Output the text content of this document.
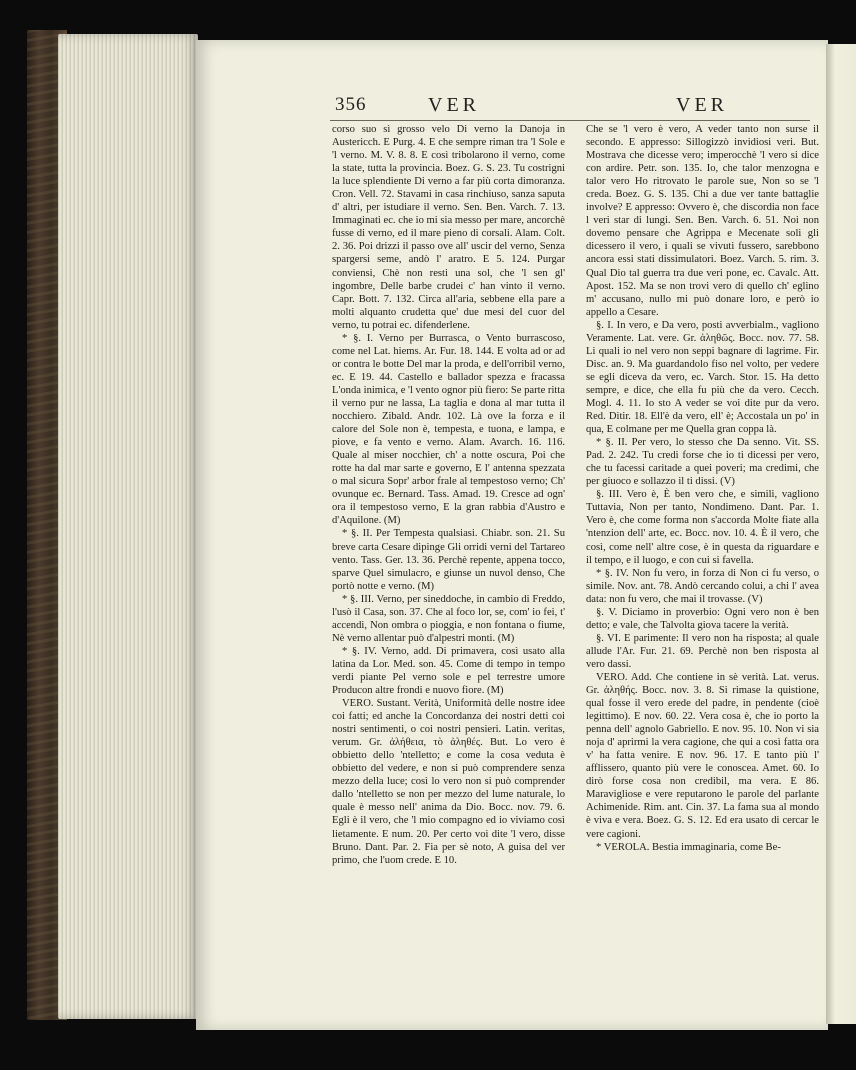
356	VER	VER

corso suo sì grosso velo Di verno la Danoja in Austericch. E Purg. 4. E che sempre riman tra 'l Sole e 'l verno. M. V. 8. 8. E così tribolarono il verno, come la state, tutta la provincia. Boez. G. S. 23. Tu costrigni la luce splendiente Di verno a far più corta dimoranza. Cron. Vell. 72. Stavami in casa rinchiuso, sanza saputa d' altri, per istudiare il verno. Sen. Ben. Varch. 7. 13. Immaginati ec. che io mi sia messo per mare, ancorchè fusse di verno, ed il mare pieno di corsali. Alam. Colt. 2. 36. Poi drizzi il passo ove all' uscir del verno, Senza spargersi seme, andò l' aratro. E 5. 124. Purgar conviensi, Chè non resti una sol, che 'l sen gl' ingombre, Delle barbe crudei c' han vinto il verno. Capr. Bott. 7. 132. Circa all'aria, sebbene ella pare a molti alquanto crudetta que' due mesi del cuor del verno, tu potrai ec. difenderlene.

* §. I. Verno per Burrasca, o Vento burrascoso, come nel Lat. hiems. Ar. Fur. 18. 144. E volta ad or ad or contra le botte Del mar la proda, e dell'orribil verno, ec. E 19. 44. Castello e ballador spezza e fracassa L'onda inimica, e 'l vento ognor più fiero: Se parte ritta il verno pur ne lassa, La taglia e dona al mar tutta il nocchiero. Zibald. Andr. 102. Là ove la forza e il calore del Sole non è, tempesta, e tuona, e lampa, e piove, e fa vento e verno. Alam. Avarch. 16. 116. Quale al miser nocchier, ch' a notte oscura, Poi che rotte ha dal mar sarte e governo, E l' antenna spezzata o mal sicura Sopr' arbor frale al tempestoso verno; Ch' ovunque ec. Bernard. Tass. Amad. 19. Cresce ad ogn' ora il tempestoso verno, E la gran rabbia d'Austro e d'Aquilone. (M)

* §. II. Per Tempesta qualsiasi. Chiabr. son. 21. Su breve carta Cesare dipinge Gli orridi verni del Tartareo vento. Tass. Ger. 13. 36. Perchè repente, appena tocco, sparve Quel simulacro, e giunse un nuvol denso, Che portò notte e verno. (M)

* §. III. Verno, per sineddoche, in cambio di Freddo, l'usò il Casa, son. 37. Che al foco lor, se, com' io fei, t' accendi, Non ombra o pioggia, e non fontana o fiume, Nè verno allentar può d'alpestri monti. (M)

* §. IV. Verno, add. Di primavera, così usato alla latina da Lor. Med. son. 45. Come di tempo in tempo verdi piante Pel verno sole e pel terrestre umore Producon altre frondi e nuovo fiore. (M)

VERO. Sustant. Verità, Uniformità delle nostre idee coi fatti; ed anche la Concordanza dei nostri detti coi nostri sentimenti, o coi nostri pensieri. Latin. veritas, verum. Gr. ἀλήθεια, τὸ ἀληθές. But. Lo vero è obbietto dello 'ntelletto; e come la cosa veduta è obbietto del vedere, e non si può comprendere senza mezzo della luce; così lo vero non si può comprender dallo 'ntelletto se non per mezzo del lume naturale, lo quale è messo nell' anima da Dio. Bocc. nov. 79. 6. Egli è il vero, che 'l mio compagno ed io viviamo così lietamente. E num. 20. Per certo voi dite 'l vero, disse Bruno. Dant. Par. 2. Fia per sè noto, A guisa del ver primo, che l'uom crede. E 10.

Che se 'l vero è vero, A veder tanto non surse il secondo. E appresso: Sillogizzò invidiosi veri. But. Mostrava che dicesse vero; imperocchè 'l vero si dice con ardire. Petr. son. 135. Io, che talor menzogna e talor vero Ho ritrovato le parole sue, Non so se 'l creda. Boez. G. S. 135. Chi a due ver tante battaglie involve? E appresso: Ovvero è, che discordia non face l veri star di lungi. Sen. Ben. Varch. 6. 51. Noi non dovemo pensare che Agrippa e Mecenate soli gli dicessero il vero, i quali se vivuti fussero, sarebbono ancora essi stati dissimulatori. Boez. Varch. 5. rim. 3. Qual Dio tal guerra tra due veri pone, ec. Cavalc. Att. Apost. 152. Ma se non trovi vero di quello ch' eglino m' accusano, nullo mi può donare loro, e però io appello a Cesare.

§. I. In vero, e Da vero, posti avverbialm., vagliono Veramente. Lat. vere. Gr. ἀληθῶς. Bocc. nov. 77. 58. Li quali io nel vero non seppi bagnare di lagrime. Fir. Disc. an. 9. Ma guardandolo fiso nel volto, per vedere se egli diceva da vero, ec. Varch. Stor. 15. Ha detto sempre, e dice, che ella fu più che da vero. Cecch. Mogl. 4. 11. Io sto A veder se voi dite pur da vero. Red. Ditir. 18. Ell'è da vero, ell' è; Accostala un po' in qua, E colmane per me Quella gran coppa là.

* §. II. Per vero, lo stesso che Da senno. Vit. SS. Pad. 2. 242. Tu credi forse che io ti dicessi per vero, che tu facessi caritade a quei poveri; ma credimi, che per giuoco e sollazzo il ti dissi. (V)

§. III. Vero è, È ben vero che, e simili, vagliono Tuttavia, Non per tanto, Nondimeno. Dant. Par. 1. Vero è, che come forma non s'accorda Molte fiate alla 'ntenzion dell' arte, ec. Bocc. nov. 10. 4. È il vero, che così, come nell' altre cose, è in questa da riguardare e il tempo, e il luogo, e con cui si favella.

* §. IV. Non fu vero, in forza di Non ci fu verso, o simile. Nov. ant. 78. Andò cercando colui, a chi l' avea data: non fu vero, che mai il trovasse. (V)

§. V. Diciamo in proverbio: Ogni vero non è ben detto; e vale, che Talvolta giova tacere la verità.

§. VI. E parimente: Il vero non ha risposta; al quale allude l'Ar. Fur. 21. 69. Perchè non ben risposta al vero dassi.

VERO. Add. Che contiene in sè verità. Lat. verus. Gr. ἀληθής. Bocc. nov. 3. 8. Si rimase la quistione, qual fosse il vero erede del padre, in pendente (cioè legittimo). E nov. 60. 22. Vera cosa è, che io porto la penna dell' agnolo Gabriello. E nov. 95. 10. Non vi sia noja d' aprirmi la vera cagione, che qui a così fatta ora v' ha fatta venire. E nov. 96. 17. E tanto più l' afflissero, quanto più vere le conoscea. Amet. 60. Io dirò forse cosa non credibil, ma vera. E 86. Maravigliose e vere reputarono le parole del parlante Achimenide. Rim. ant. Cin. 37. La fama sua al mondo è viva e vera. Boez. G. S. 12. Ed era usato di cercar le vere cagioni.

* VEROLA. Bestia immaginaria, come Be-
